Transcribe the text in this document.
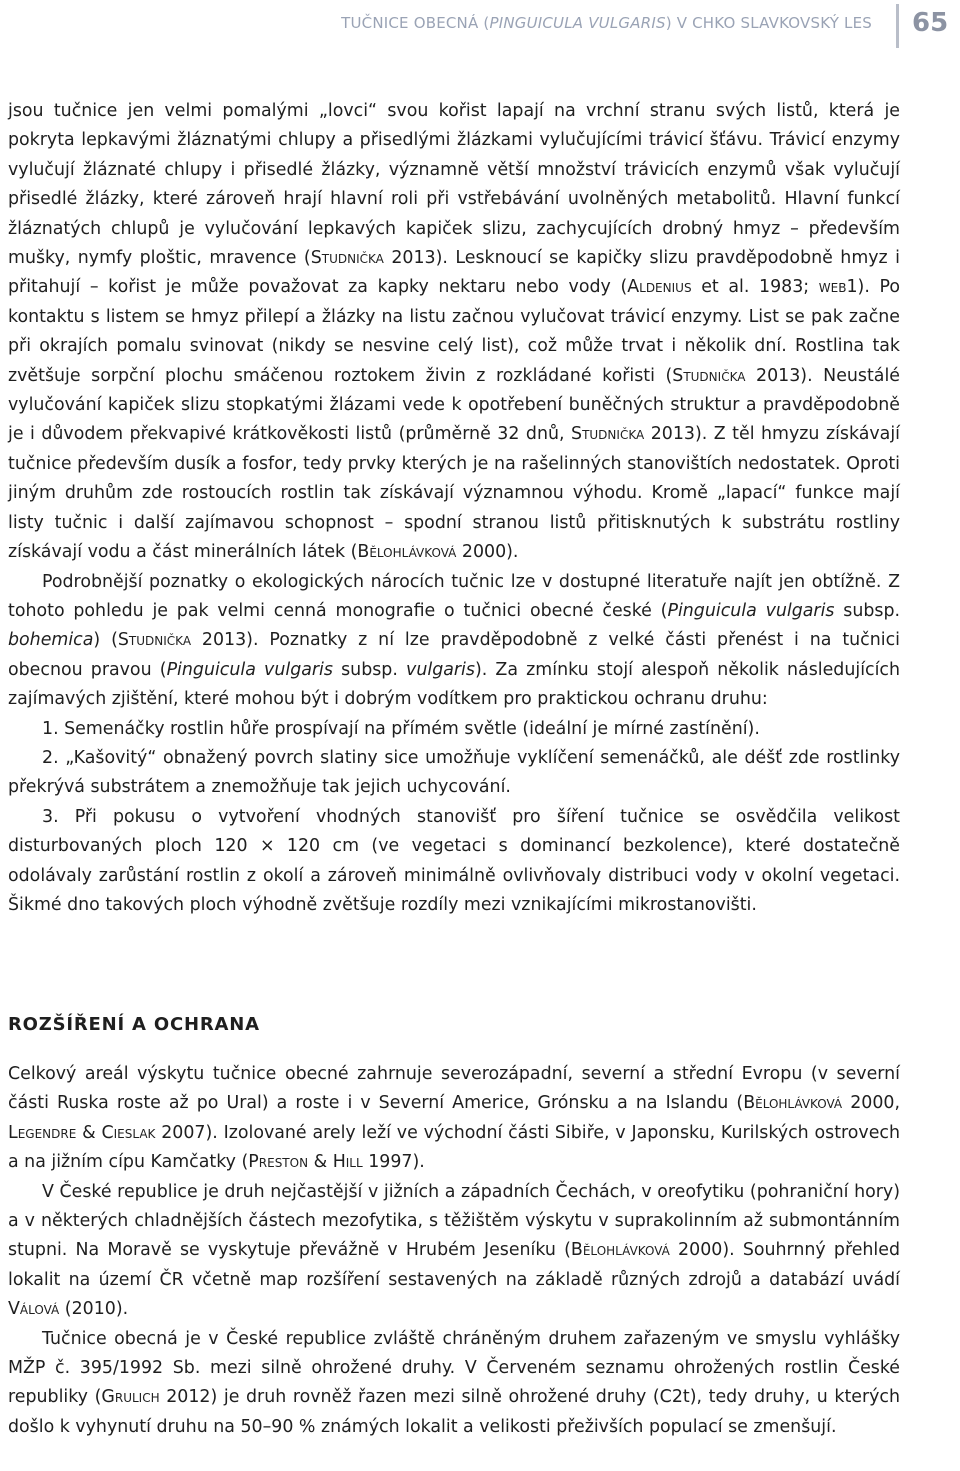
TUČNICE OBECNÁ (PINGUICULA VULGARIS) V CHKO SLAVKOVSKÝ LES 65

jsou tučnice jen velmi pomalými „lovci“ svou kořist lapají na vrchní stranu svých listů, která je pokryta lepkavými žláznatými chlupy a přisedlými žlázkami vylučujícími trávicí šťávu. Trávicí enzymy vylučují žláznaté chlupy i přisedlé žlázky, významně větší množství trávicích enzymů však vylučují přisedlé žlázky, které zároveň hrají hlavní roli při vstřebávání uvolněných metabolitů. Hlavní funkcí žláznatých chlupů je vylučování lepkavých kapiček slizu, zachycujících drobný hmyz – především mušky, nymfy ploštic, mravence (Studnička 2013). Lesknoucí se kapičky slizu pravděpodobně hmyz i přitahují – kořist je může považovat za kapky nektaru nebo vody (Aldenius et al. 1983; web1). Po kontaktu s listem se hmyz přilepí a žlázky na listu začnou vylučovat trávicí enzymy. List se pak začne při okrajích pomalu svinovat (nikdy se nesvine celý list), což může trvat i několik dní. Rostlina tak zvětšuje sorpční plochu smáčenou roztokem živin z rozkládané kořisti (Studnička 2013). Neustálé vylučování kapiček slizu stopkatými žlázami vede k opotřebení buněčných struktur a pravděpodobně je i důvodem překvapivé krátkověkosti listů (průměrně 32 dnů, Studnička 2013). Z těl hmyzu získávají tučnice především dusík a fosfor, tedy prvky kterých je na rašelinných stanovištích nedostatek. Oproti jiným druhům zde rostoucích rostlin tak získávají významnou výhodu. Kromě „lapací“ funkce mají listy tučnic i další zajímavou schopnost – spodní stranou listů přitisknutých k substrátu rostliny získávají vodu a část minerálních látek (Bělohlávková 2000).

Podrobnější poznatky o ekologických nárocích tučnic lze v dostupné literatuře najít jen obtížně. Z tohoto pohledu je pak velmi cenná monografie o tučnici obecné české (Pinguicula vulgaris subsp. bohemica) (Studnička 2013). Poznatky z ní lze pravděpodobně z velké části přenést i na tučnici obecnou pravou (Pinguicula vulgaris subsp. vulgaris). Za zmínku stojí alespoň několik následujících zajímavých zjištění, které mohou být i dobrým vodítkem pro praktickou ochranu druhu:

1. Semenáčky rostlin hůře prospívají na přímém světle (ideální je mírné zastínění).

2. „Kašovitý“ obnažený povrch slatiny sice umožňuje vyklíčení semenáčků, ale déšť zde rostlinky překrývá substrátem a znemožňuje tak jejich uchycování.

3. Při pokusu o vytvoření vhodných stanovišť pro šíření tučnice se osvědčila velikost disturbovaných ploch 120 × 120 cm (ve vegetaci s dominancí bezkolence), které dostatečně odolávaly zarůstání rostlin z okolí a zároveň minimálně ovlivňovaly distribuci vody v okolní vegetaci. Šikmé dno takových ploch výhodně zvětšuje rozdíly mezi vznikajícími mikrostanovišti.

ROZŠÍŘENÍ A OCHRANA

Celkový areál výskytu tučnice obecné zahrnuje severozápadní, severní a střední Evropu (v severní části Ruska roste až po Ural) a roste i v Severní Americe, Grónsku a na Islandu (Bělohlávková 2000, Legendre & Cieslak 2007). Izolované arely leží ve východní části Sibiře, v Japonsku, Kurilských ostrovech a na jižním cípu Kamčatky (Preston & Hill 1997).

V České republice je druh nejčastější v jižních a západních Čechách, v oreofytiku (pohraniční hory) a v některých chladnějších částech mezofytika, s těžištěm výskytu v suprakolinním až submontánním stupni. Na Moravě se vyskytuje převážně v Hrubém Jeseníku (Bělohlávková 2000). Souhrnný přehled lokalit na území ČR včetně map rozšíření sestavených na základě různých zdrojů a databází uvádí Válová (2010).

Tučnice obecná je v České republice zvláště chráněným druhem zařazeným ve smyslu vyhlášky MŽP č. 395/1992 Sb. mezi silně ohrožené druhy. V Červeném seznamu ohrožených rostlin České republiky (Grulich 2012) je druh rovněž řazen mezi silně ohrožené druhy (C2t), tedy druhy, u kterých došlo k vyhynutí druhu na 50–90 % známých lokalit a velikosti přeživších populací se zmenšují.
